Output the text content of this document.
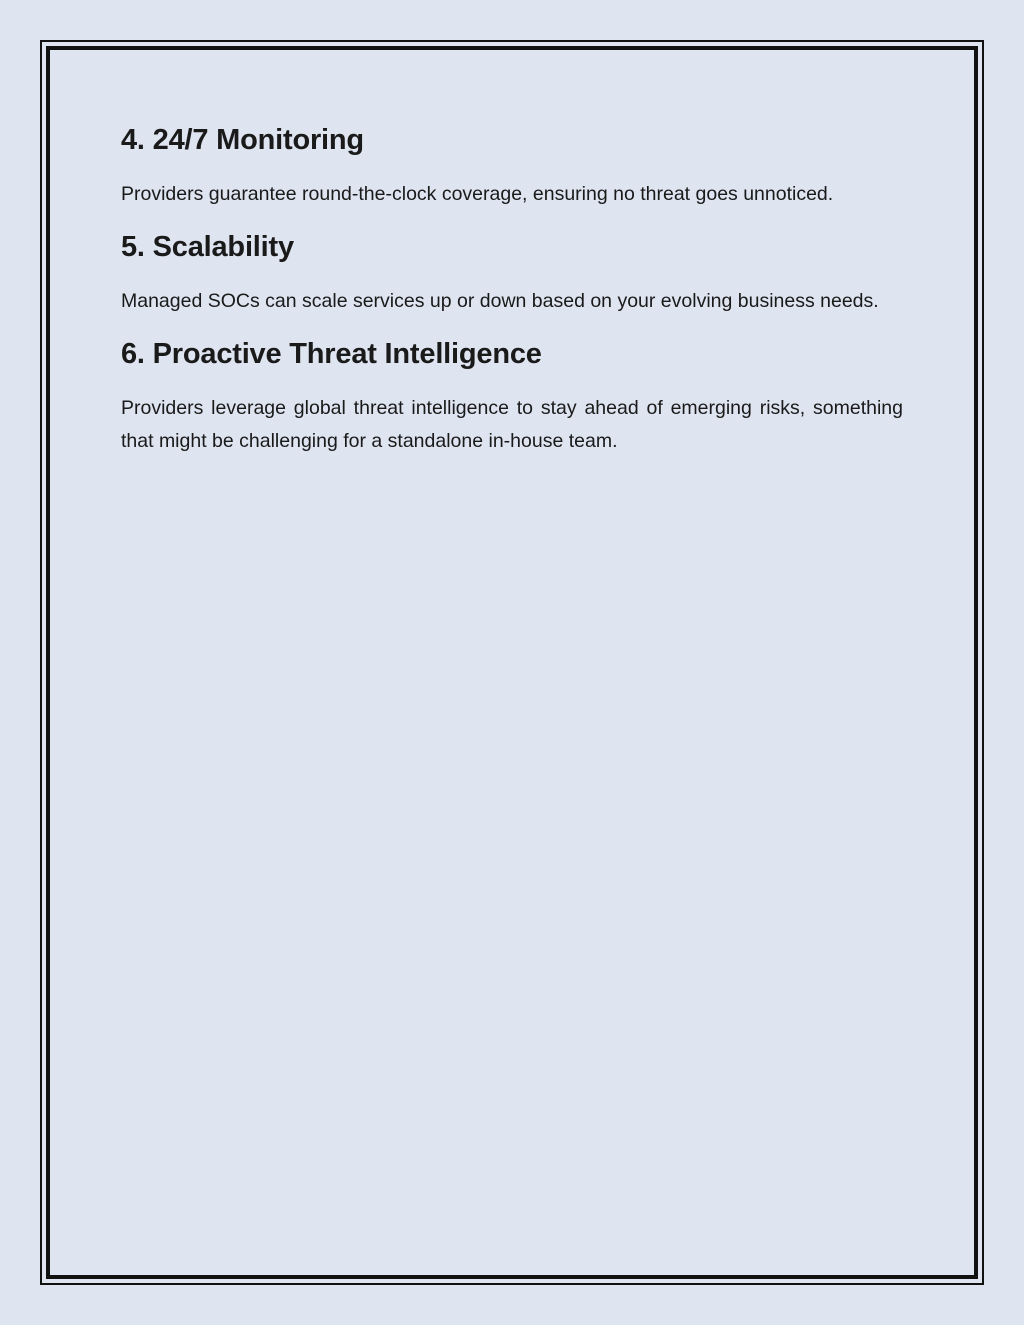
4. 24/7 Monitoring

Providers guarantee round-the-clock coverage, ensuring no threat goes unnoticed.

5. Scalability

Managed SOCs can scale services up or down based on your evolving business needs.

6. Proactive Threat Intelligence

Providers leverage global threat intelligence to stay ahead of emerging risks, something that might be challenging for a standalone in-house team.
